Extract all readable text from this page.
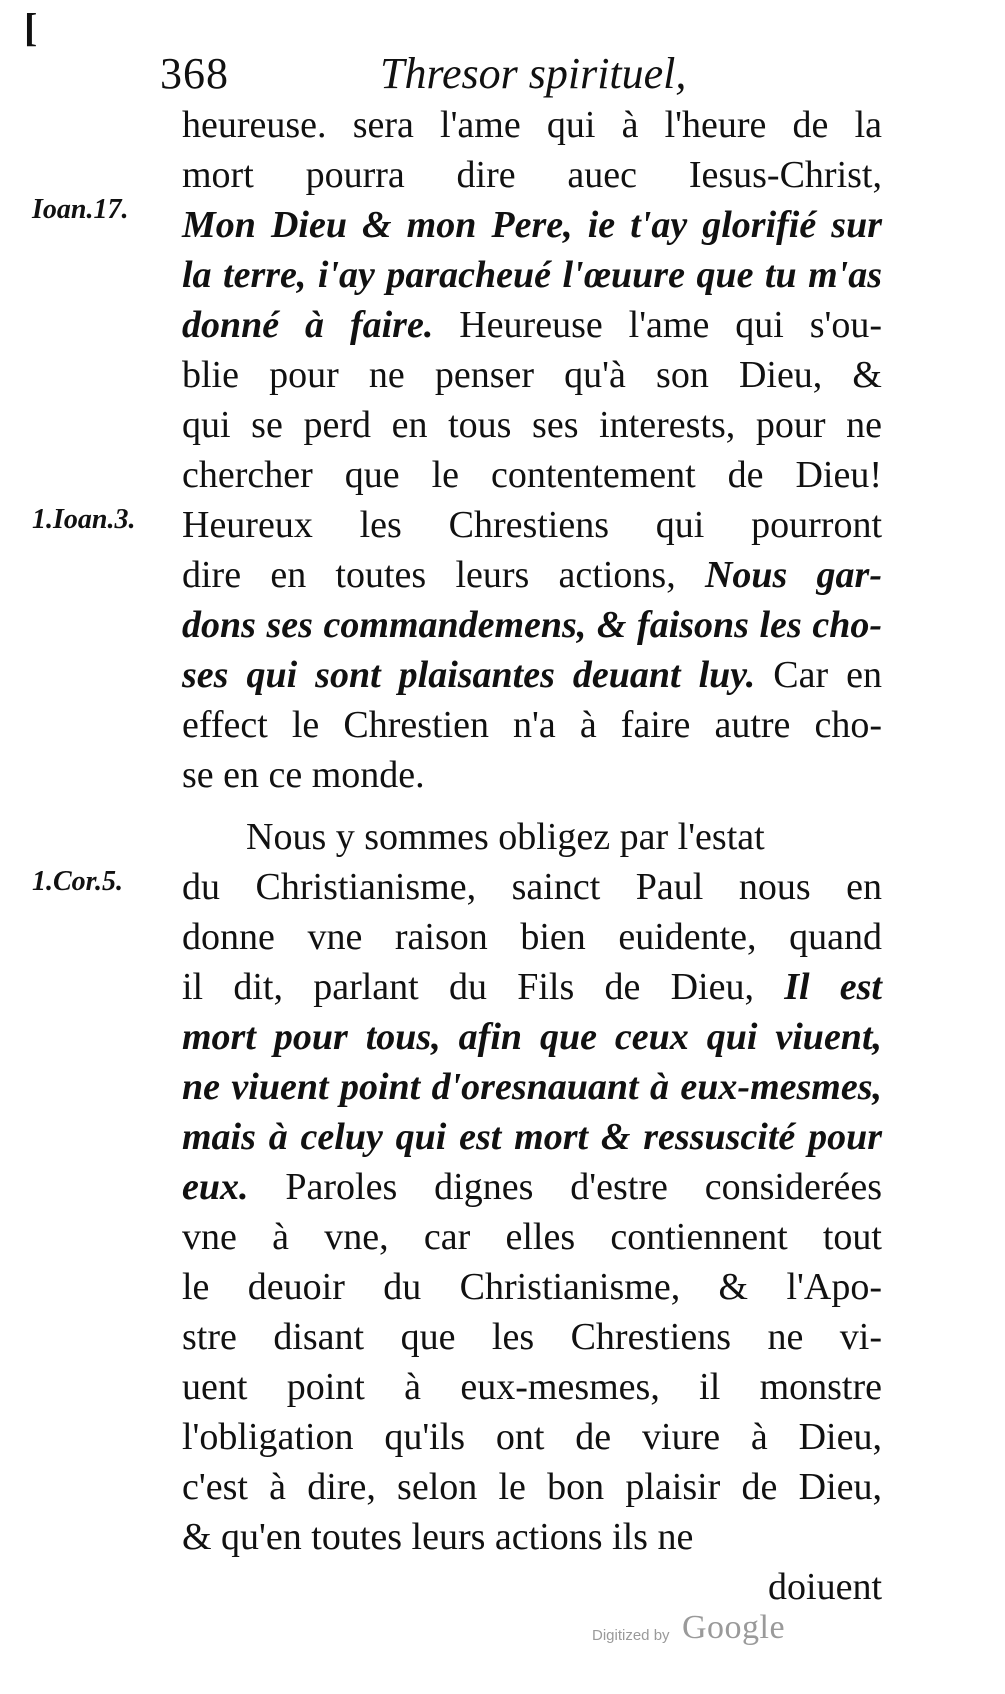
[
368	Thresor spirituel,
Ioan.17.
1.Ioan.3.
1.Cor.5.
heureuse. sera l'ame qui à l'heure de la
mort pourra dire auec Iesus-Christ,
Mon Dieu & mon Pere, ie t'ay glorifié sur
la terre, i'ay paracheué l'œuure que tu m'as
donné à faire. Heureuse l'ame qui s'ou-
blie pour ne penser qu'à son Dieu, &
qui se perd en tous ses interests, pour ne
chercher que le contentement de Dieu!
Heureux les Chrestiens qui pourront
dire en toutes leurs actions, Nous gar-
dons ses commandemens, & faisons les cho-
ses qui sont plaisantes deuant luy. Car en
effect le Chrestien n'a à faire autre cho-
se en ce monde.
Nous y sommes obligez par l'estat
du Christianisme, sainct Paul nous en
donne vne raison bien euidente, quand
il dit, parlant du Fils de Dieu, Il est
mort pour tous, afin que ceux qui viuent,
ne viuent point d'oresnauant à eux-mesmes,
mais à celuy qui est mort & ressuscité pour
eux. Paroles dignes d'estre considerées
vne à vne, car elles contiennent tout
le deuoir du Christianisme, & l'Apo-
stre disant que les Chrestiens ne vi-
uent point à eux-mesmes, il monstre
l'obligation qu'ils ont de viure à Dieu,
c'est à dire, selon le bon plaisir de Dieu,
& qu'en toutes leurs actions ils ne
doiuent
Digitized by Google
